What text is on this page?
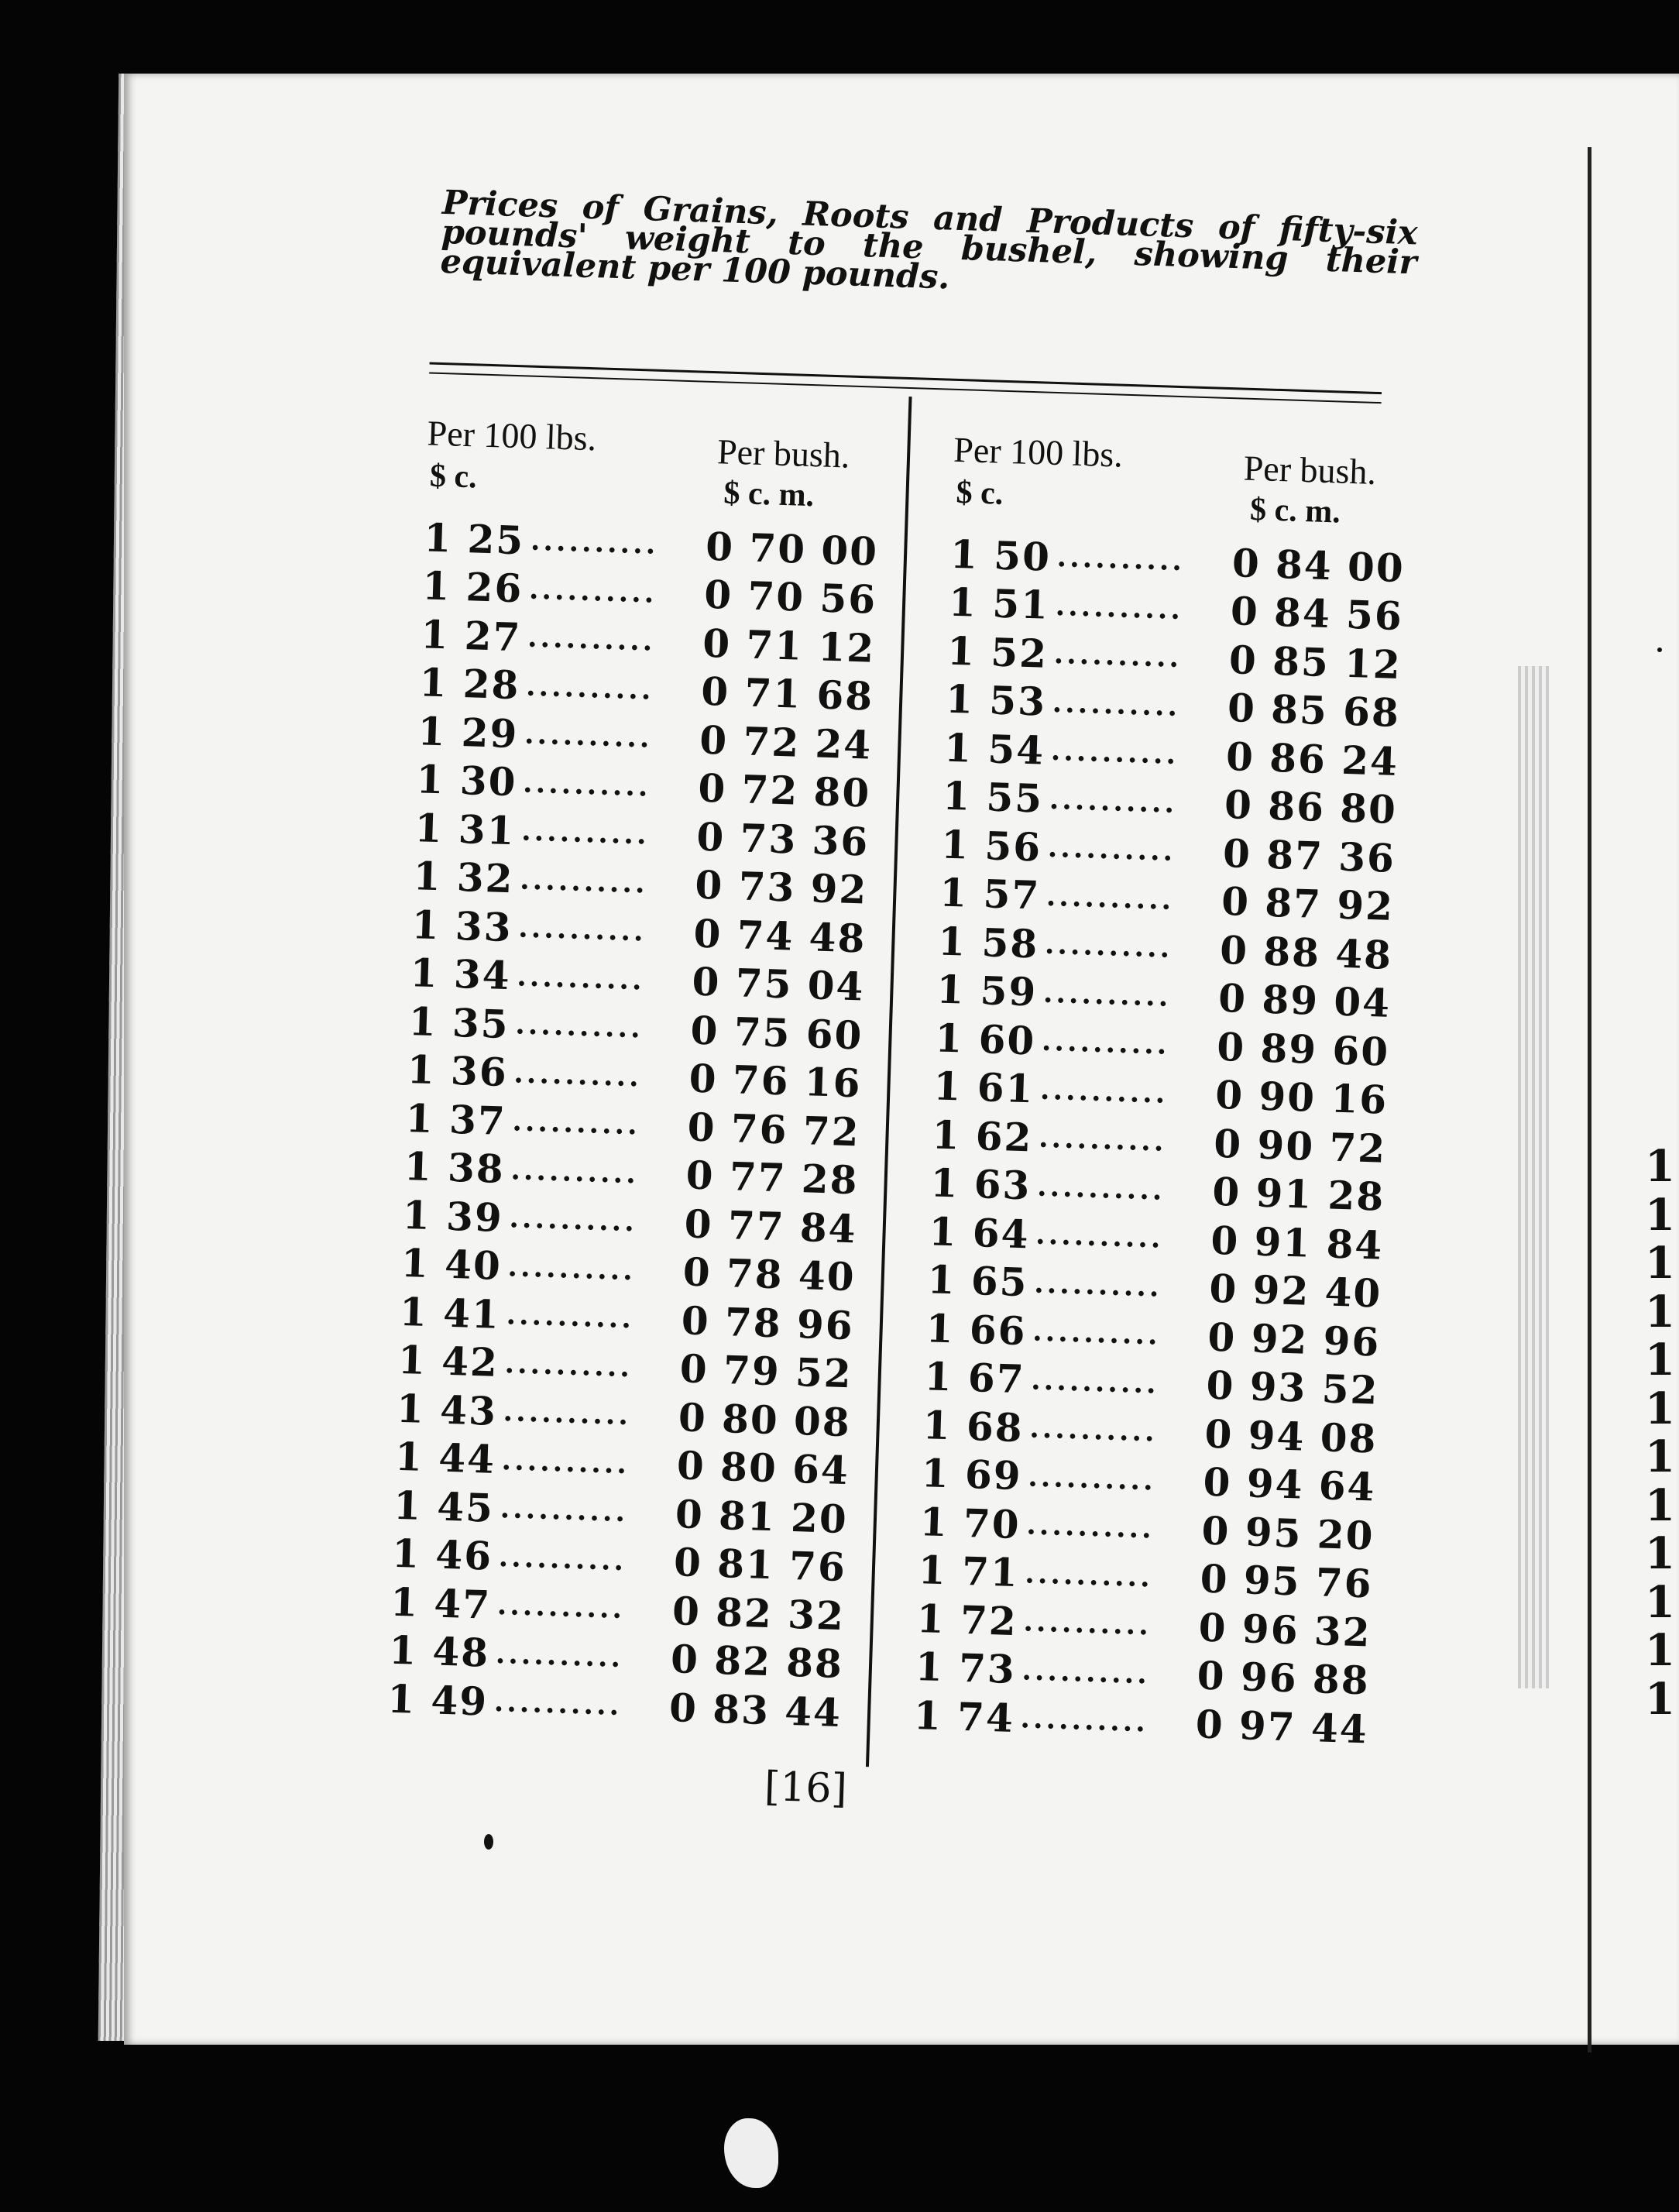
1
1
1
1
1
1
1
1
1
1
1
1
Prices of Grains, Roots and Products of fifty-six pounds' weight to the bushel, showing their equivalent per 100 pounds.
Per 100 lbs.	Per bush.
$ c.	$ c. m.
1 25 ..........	0 70 00
1 26 ..........	0 70 56
1 27 ..........	0 71 12
1 28 ..........	0 71 68
1 29 ..........	0 72 24
1 30 ..........	0 72 80
1 31 ..........	0 73 36
1 32 ..........	0 73 92
1 33 ..........	0 74 48
1 34 ..........	0 75 04
1 35 ..........	0 75 60
1 36 ..........	0 76 16
1 37 ..........	0 76 72
1 38 ..........	0 77 28
1 39 ..........	0 77 84
1 40 ..........	0 78 40
1 41 ..........	0 78 96
1 42 ..........	0 79 52
1 43 ..........	0 80 08
1 44 ..........	0 80 64
1 45 ..........	0 81 20
1 46 ..........	0 81 76
1 47 ..........	0 82 32
1 48 ..........	0 82 88
1 49 ..........	0 83 44
Per 100 lbs.	Per bush.
$ c.	$ c. m.
1 50 ..........	0 84 00
1 51 ..........	0 84 56
1 52 ..........	0 85 12
1 53 ..........	0 85 68
1 54 ..........	0 86 24
1 55 ..........	0 86 80
1 56 ..........	0 87 36
1 57 ..........	0 87 92
1 58 ..........	0 88 48
1 59 ..........	0 89 04
1 60 ..........	0 89 60
1 61 ..........	0 90 16
1 62 ..........	0 90 72
1 63 ..........	0 91 28
1 64 ..........	0 91 84
1 65 ..........	0 92 40
1 66 ..........	0 92 96
1 67 ..........	0 93 52
1 68 ..........	0 94 08
1 69 ..........	0 94 64
1 70 ..........	0 95 20
1 71 ..........	0 95 76
1 72 ..........	0 96 32
1 73 ..........	0 96 88
1 74 ..........	0 97 44
[16]
